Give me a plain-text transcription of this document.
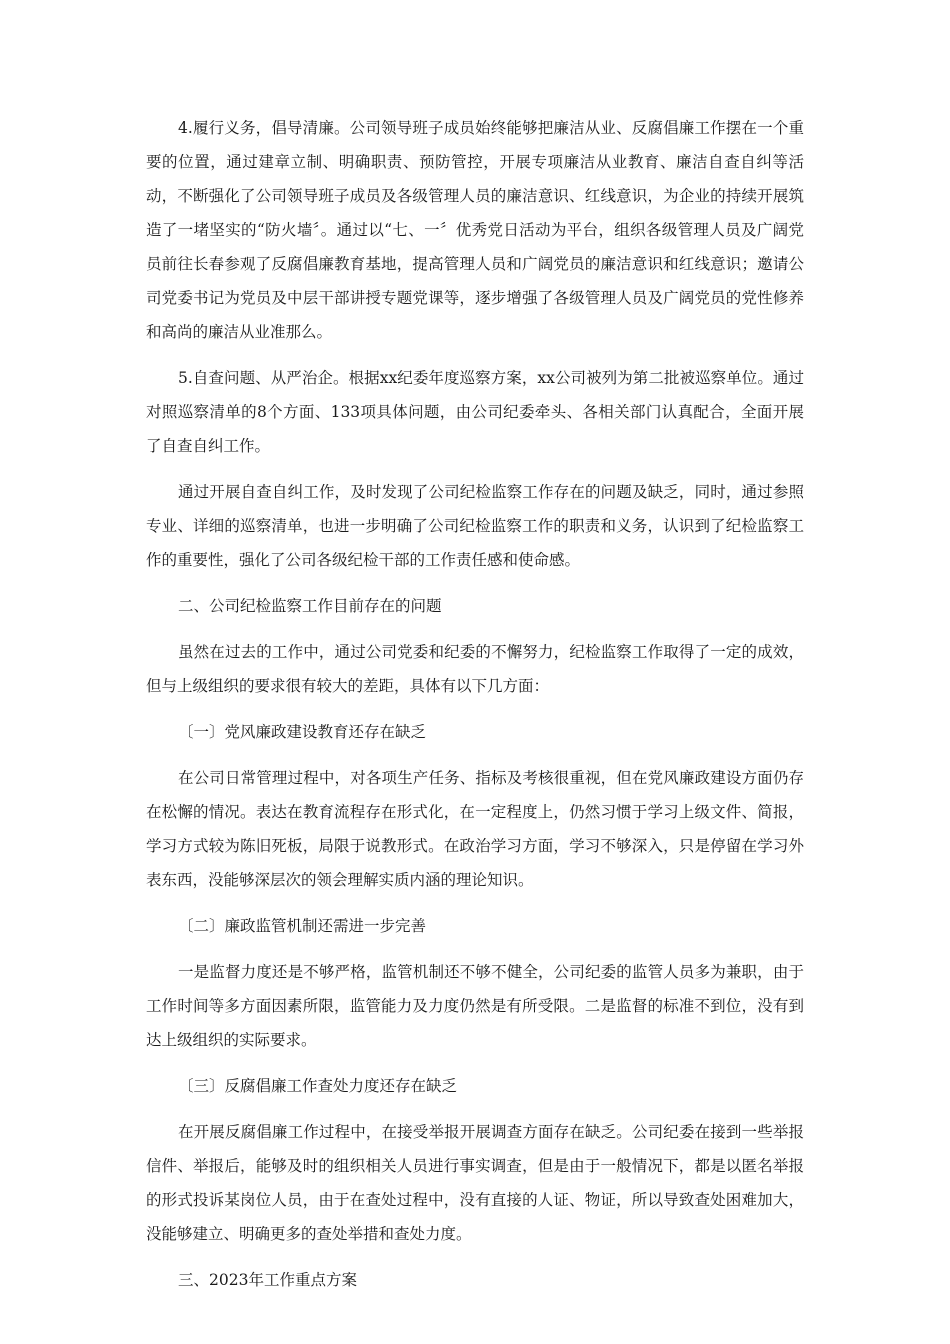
4.履行义务，倡导清廉。公司领导班子成员始终能够把廉洁从业、反腐倡廉工作摆在一个重要的位置，通过建章立制、明确职责、预防管控，开展专项廉洁从业教育、廉洁自查自纠等活动，不断强化了公司领导班子成员及各级管理人员的廉洁意识、红线意识，为企业的持续开展筑造了一堵坚实的“防火墙〞。通过以“七、一〞优秀党日活动为平台，组织各级管理人员及广阔党员前往长春参观了反腐倡廉教育基地，提高管理人员和广阔党员的廉洁意识和红线意识；邀请公司党委书记为党员及中层干部讲授专题党课等，逐步增强了各级管理人员及广阔党员的党性修养和高尚的廉洁从业准那么。

5.自查问题、从严治企。根据xx纪委年度巡察方案，xx公司被列为第二批被巡察单位。通过对照巡察清单的8个方面、133项具体问题，由公司纪委牵头、各相关部门认真配合，全面开展了自查自纠工作。

通过开展自查自纠工作，及时发现了公司纪检监察工作存在的问题及缺乏，同时，通过参照专业、详细的巡察清单，也进一步明确了公司纪检监察工作的职责和义务，认识到了纪检监察工作的重要性，强化了公司各级纪检干部的工作责任感和使命感。

二、公司纪检监察工作目前存在的问题

虽然在过去的工作中，通过公司党委和纪委的不懈努力，纪检监察工作取得了一定的成效，但与上级组织的要求很有较大的差距，具体有以下几方面：

〔一〕党风廉政建设教育还存在缺乏

在公司日常管理过程中，对各项生产任务、指标及考核很重视，但在党风廉政建设方面仍存在松懈的情况。表达在教育流程存在形式化，在一定程度上，仍然习惯于学习上级文件、简报，学习方式较为陈旧死板，局限于说教形式。在政治学习方面，学习不够深入，只是停留在学习外表东西，没能够深层次的领会理解实质内涵的理论知识。

〔二〕廉政监管机制还需进一步完善

一是监督力度还是不够严格，监管机制还不够不健全，公司纪委的监管人员多为兼职，由于工作时间等多方面因素所限，监管能力及力度仍然是有所受限。二是监督的标准不到位，没有到达上级组织的实际要求。

〔三〕反腐倡廉工作查处力度还存在缺乏

在开展反腐倡廉工作过程中，在接受举报开展调查方面存在缺乏。公司纪委在接到一些举报信件、举报后，能够及时的组织相关人员进行事实调查，但是由于一般情况下，都是以匿名举报的形式投诉某岗位人员，由于在查处过程中，没有直接的人证、物证，所以导致查处困难加大，没能够建立、明确更多的查处举措和查处力度。

三、2023年工作重点方案
